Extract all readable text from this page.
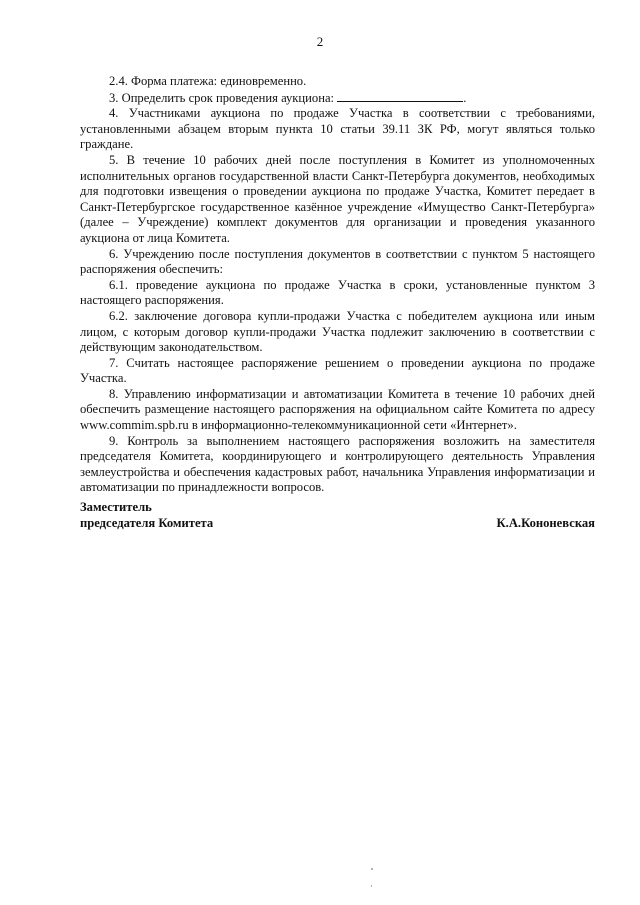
2

2.4. Форма платежа: единовременно.

3. Определить срок проведения аукциона:	.

4. Участниками аукциона по продаже Участка в соответствии с требованиями, установленными абзацем вторым пункта 10 статьи 39.11 ЗК РФ, могут являться только граждане.

5. В течение 10 рабочих дней после поступления в Комитет из уполномоченных исполнительных органов государственной власти Санкт-Петербурга документов, необходимых для подготовки извещения о проведении аукциона по продаже Участка, Комитет передает в Санкт-Петербургское государственное казённое учреждение «Имущество Санкт-Петербурга» (далее – Учреждение) комплект документов для организации и проведения указанного аукциона от лица Комитета.

6. Учреждению после поступления документов в соответствии с пунктом 5 настоящего распоряжения обеспечить:

6.1. проведение аукциона по продаже Участка в сроки, установленные пунктом 3 настоящего распоряжения.

6.2. заключение договора купли-продажи Участка с победителем аукциона или иным лицом, с которым договор купли-продажи Участка подлежит заключению в соответствии с действующим законодательством.

7. Считать настоящее распоряжение решением о проведении аукциона по продаже Участка.

8. Управлению информатизации и автоматизации Комитета в течение 10 рабочих дней обеспечить размещение настоящего распоряжения на официальном сайте Комитета по адресу www.commim.spb.ru в информационно-телекоммуникационной сети «Интернет».

9. Контроль за выполнением настоящего распоряжения возложить на заместителя председателя Комитета, координирующего и контролирующего деятельность Управления землеустройства и обеспечения кадастровых работ, начальника Управления информатизации и автоматизации по принадлежности вопросов.

Заместитель
председателя Комитета	К.А.Кононевская
